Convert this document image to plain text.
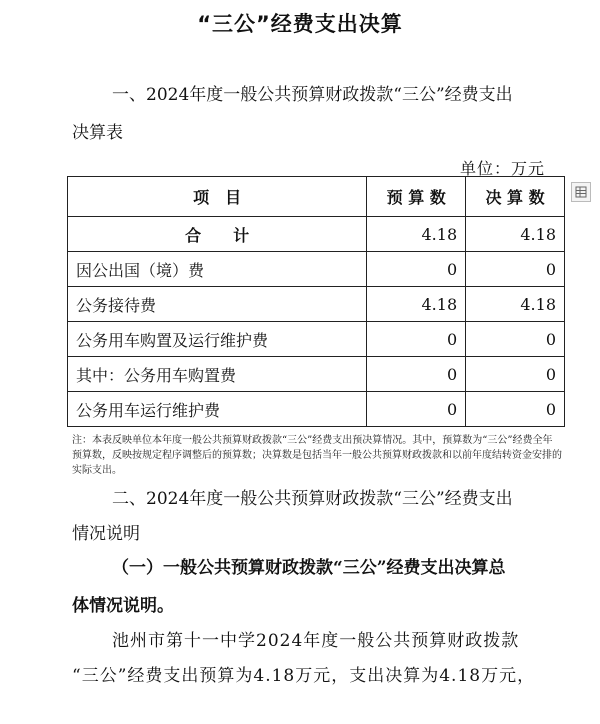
“三公”经费支出决算
一、2024年度一般公共预算财政拨款“三公”经费支出
决算表
单位：万元
项　目	预 算 数	决 算 数
合　　计	4.18	4.18
因公出国（境）费	0	0
公务接待费	4.18	4.18
公务用车购置及运行维护费	0	0
其中：公务用车购置费	0	0
公务用车运行维护费	0	0
注：本表反映单位本年度一般公共预算财政拨款“三公”经费支出预决算情况。其中，预算数为“三公”经费全年预算数，反映按规定程序调整后的预算数；决算数是包括当年一般公共预算财政拨款和以前年度结转资金安排的实际支出。
二、2024年度一般公共预算财政拨款“三公”经费支出
情况说明
（一）一般公共预算财政拨款“三公”经费支出决算总
体情况说明。
池州市第十一中学2024年度一般公共预算财政拨款
“三公”经费支出预算为4.18万元，支出决算为4.18万元，
